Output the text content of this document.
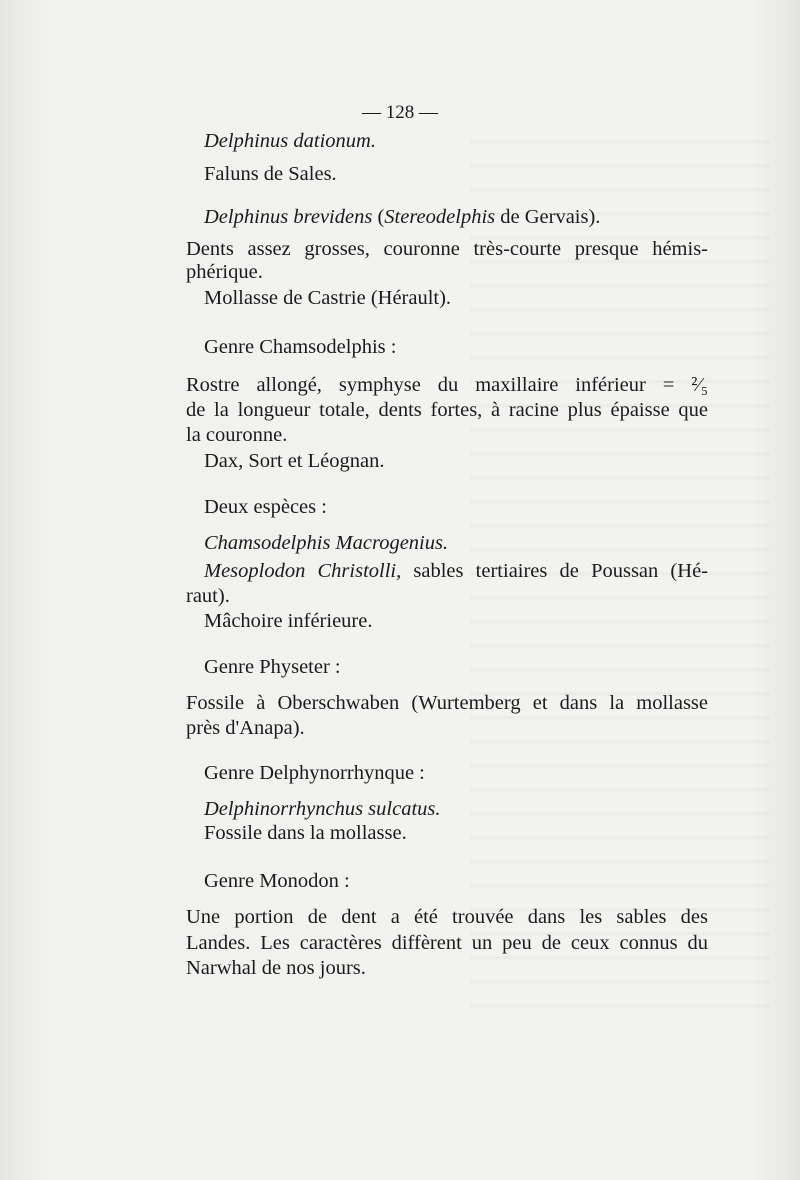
— 128 —
Delphinus dationum.
Faluns de Sales.
Delphinus brevidens (Stereodelphis de Gervais).
Dents assez grosses, couronne très-courte presque hémis-
phérique.
Mollasse de Castrie (Hérault).
Genre Chamsodelphis :
Rostre allongé, symphyse du maxillaire inférieur = ²⁄₅
de la longueur totale, dents fortes, à racine plus épaisse que
la couronne.
Dax, Sort et Léognan.
Deux espèces :
Chamsodelphis Macrogenius.
Mesoplodon Christolli, sables tertiaires de Poussan (Hé-
raut).
Mâchoire inférieure.
Genre Physeter :
Fossile à Oberschwaben (Wurtemberg et dans la mollasse
près d'Anapa).
Genre Delphynorrhynque :
Delphinorrhynchus sulcatus.
Fossile dans la mollasse.
Genre Monodon :
Une portion de dent a été trouvée dans les sables des
Landes. Les caractères diffèrent un peu de ceux connus du
Narwhal de nos jours.
